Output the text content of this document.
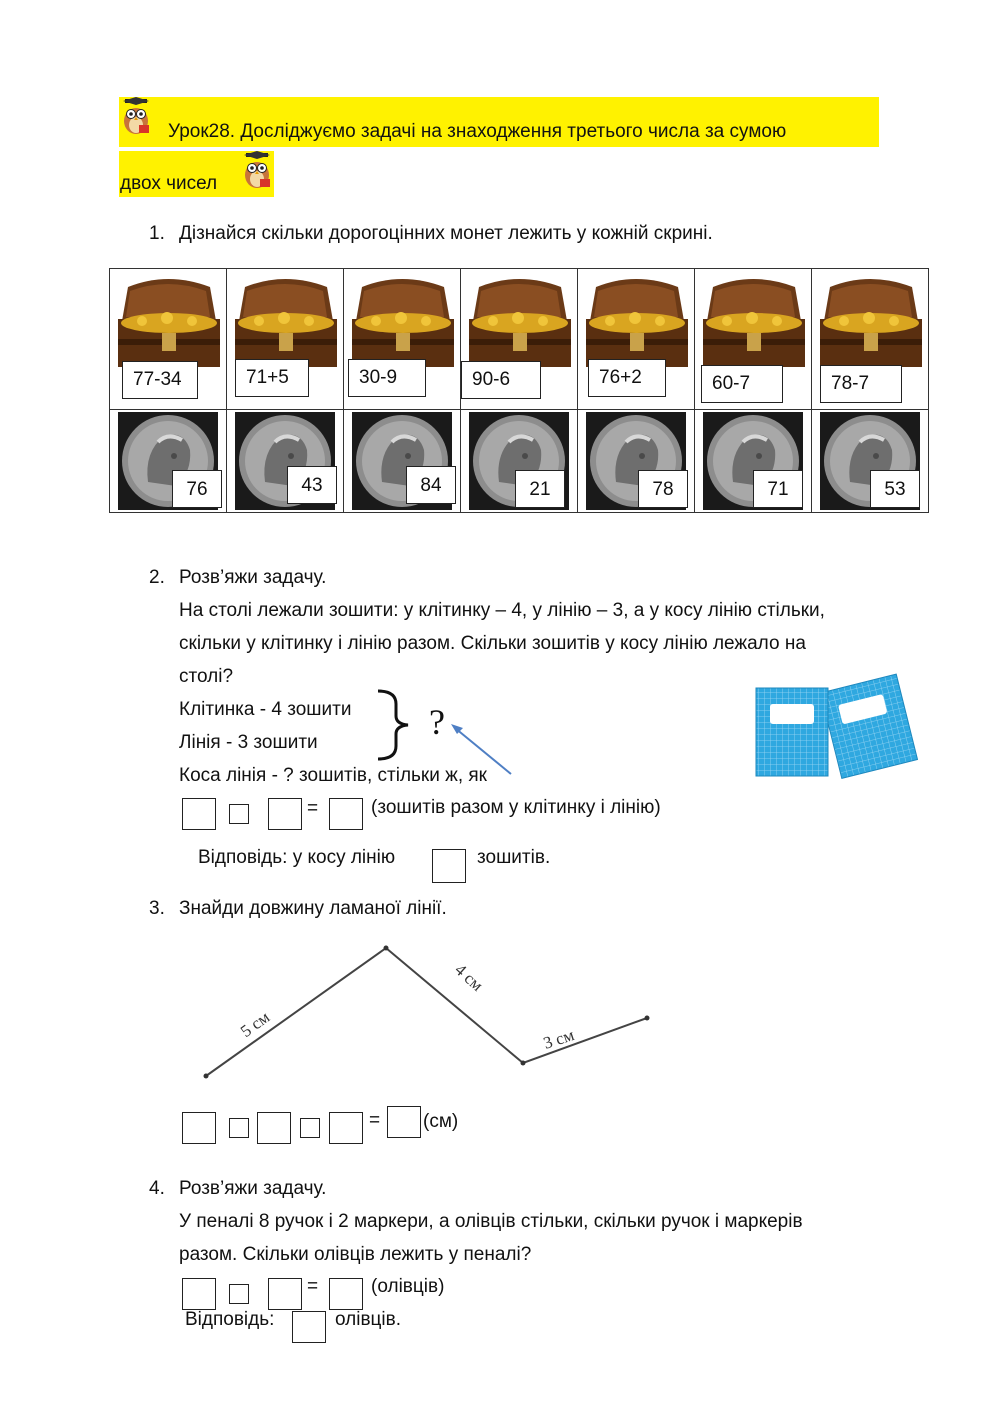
Урок28. Досліджуємо задачі на знаходження третього числа за сумою
двох чисел
1. Дізнайся скільки дорогоцінних монет лежить у кожній скрині.
77-34	71+5	30-9	90-6	76+2	60-7	78-7

76	43	84	21	78	71	53
2. Розв’яжи задачу.
На столі лежали зошити: у клітинку – 4, у лінію – 3, а у косу лінію стільки,
скільки у клітинку і лінію разом. Скільки зошитів у косу лінію лежало на
столі?
Клітинка - 4 зошити
Лінія - 3 зошити
Коса лінія - ? зошитів, стільки ж, як
?
=	(зошитів разом у клітинку і лінію)
Відповідь: у косу лінію	зошитів.
3. Знайди довжину ламаної лінії.
5 см
4 см
3 см
= (см)
4. Розв’яжи задачу.
У пеналі 8 ручок і 2 маркери, а олівців стільки, скільки ручок і маркерів
разом. Скільки олівців лежить у пеналі?
=	(олівців)
Відповідь:	олівців.
